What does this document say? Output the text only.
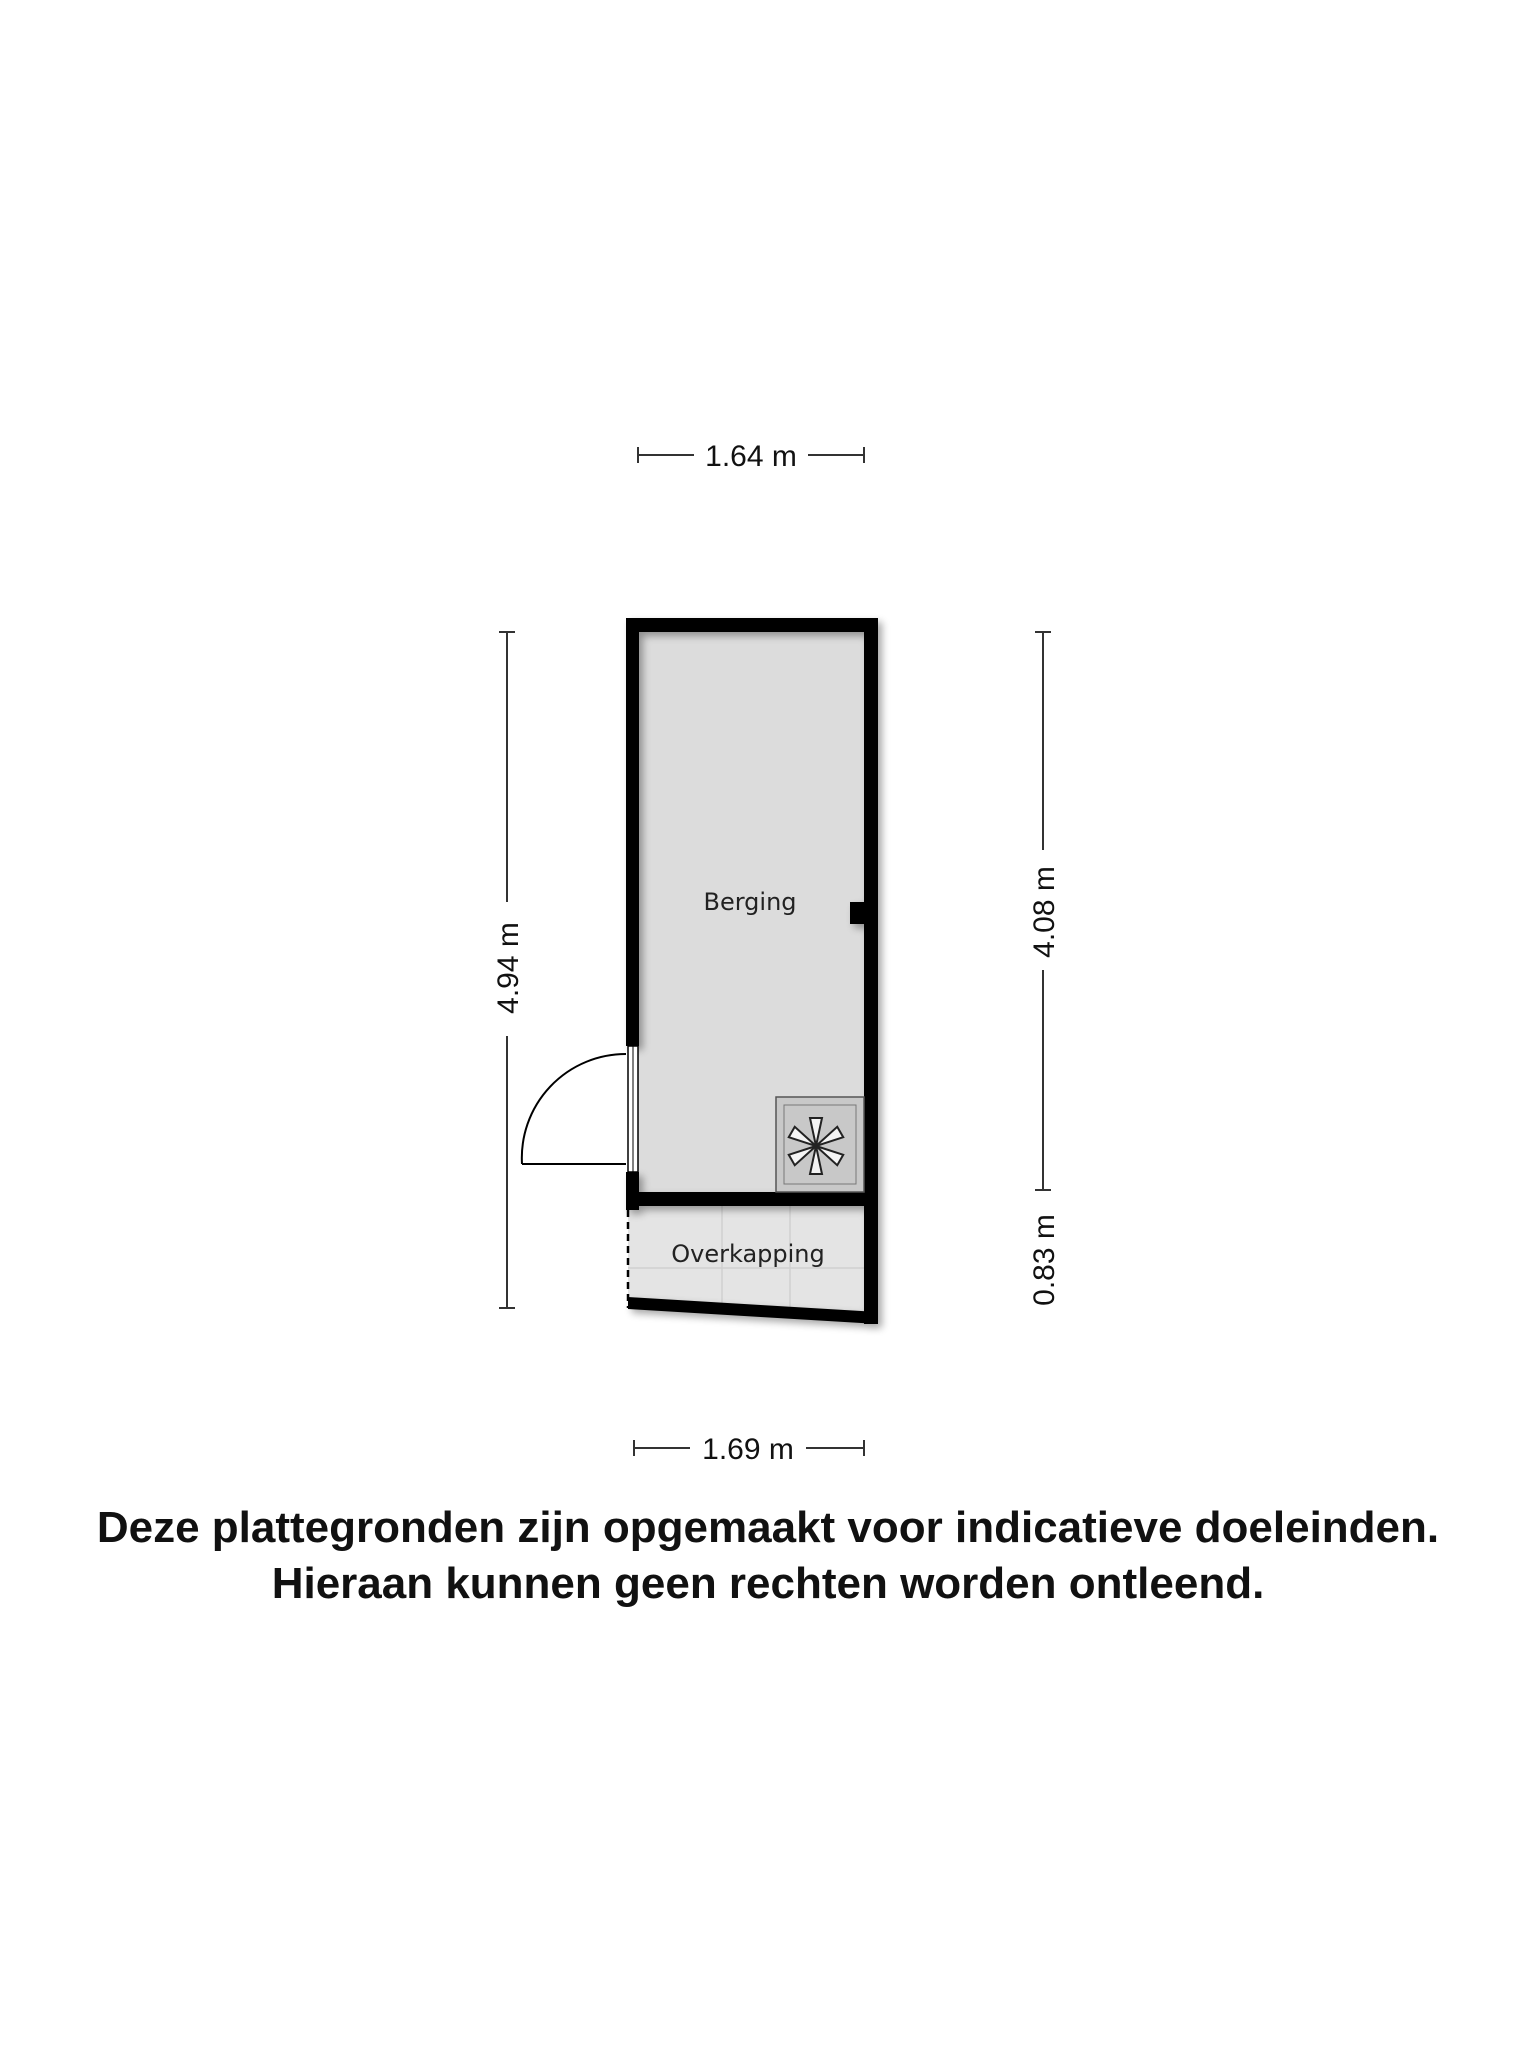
1.64 m
1.69 m
4.94 m
4.08 m
0.83 m
Berging
Overkapping
Deze plattegronden zijn opgemaakt voor indicatieve doeleinden.
Hieraan kunnen geen rechten worden ontleend.
